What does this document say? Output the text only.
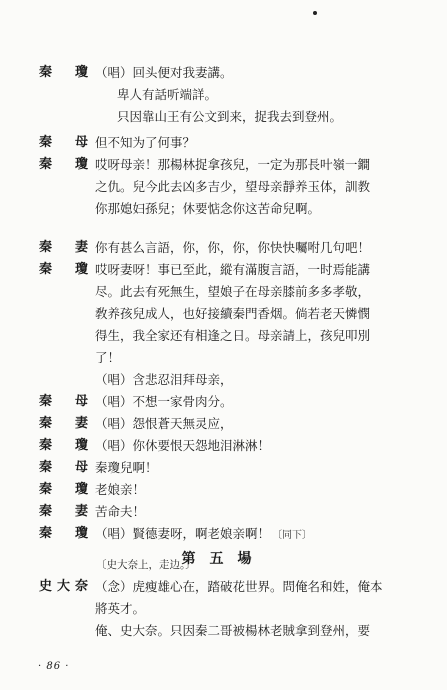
秦　瓊 （唱）回头便对我妻講。
卑人有話听端詳。
只因靠山王有公文到来，捉我去到登州。
秦　母 但不知为了何事？
秦　瓊 哎呀母亲！那楊林捉拿孩兒，一定为那長叶嶺一鐧
之仇。兒今此去凶多吉少，望母亲靜养玉体，訓教
你那媳妇孫兒；休要惦念你这苦命兒啊。
秦　妻 你有甚么言語，你，你，你，你快快囑咐几句吧！
秦　瓊 哎呀妻呀！事已至此，縱有滿腹言語，一时焉能講
尽。此去有死無生，望娘子在母亲膝前多多孝敬，
敎养孩兒成人，也好接續秦門香烟。倘若老天憐憫
得生，我全家还有相逢之日。母亲請上，孩兒叩別
了！
（唱）含悲忍泪拜母亲，
秦　母 （唱）不想一家骨肉分。
秦　妻 （唱）怨恨蒼天無灵应，
秦　瓊 （唱）你休要恨天怨地泪淋淋！
秦　母 秦瓊兒啊！
秦　瓊 老娘亲！
秦　妻 苦命夫！
秦　瓊 （唱）賢德妻呀，啊老娘亲啊！ 〔同下〕
第五場
〔史大奈上，走边。〕
史大奈 （念）虎瘦雄心在，踏破花世界。問俺名和姓，俺本
將英才。
俺、史大奈。只因秦二哥被楊林老賊拿到登州，要
· 86 ·
